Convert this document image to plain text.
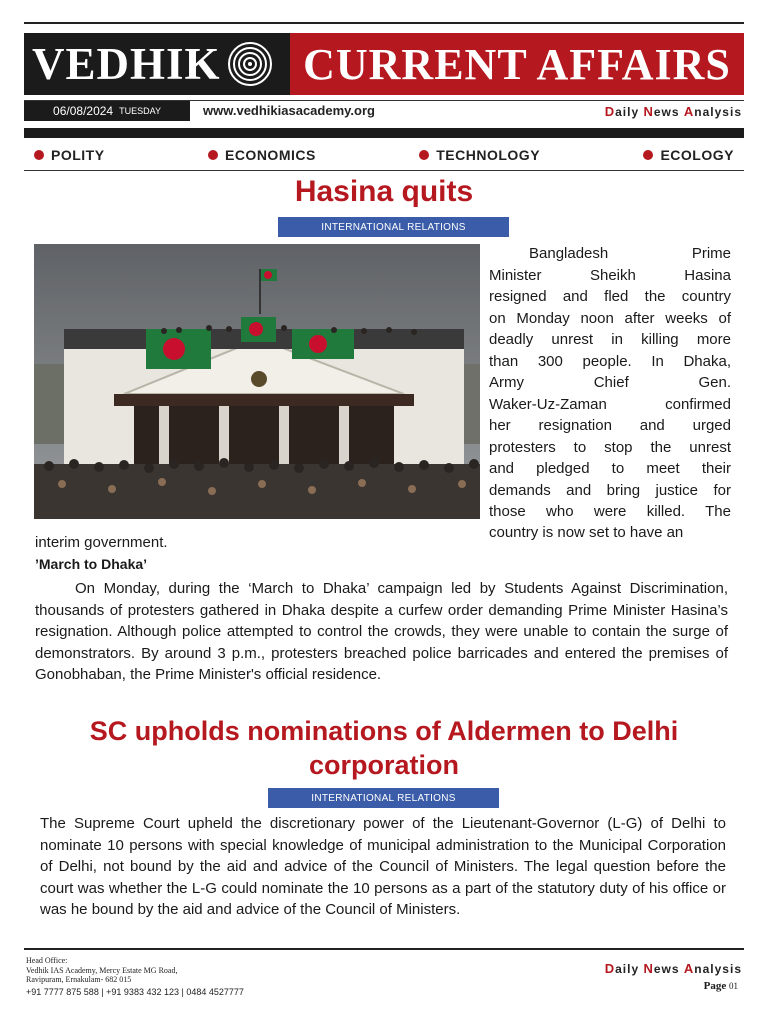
VEDHIK CURRENT AFFAIRS
06/08/2024 TUESDAY	www.vedhikiasacademy.org	Daily News Analysis
POLITY	ECONOMICS	TECHNOLOGY	ECOLOGY
Hasina quits
INTERNATIONAL RELATIONS
Bangladesh Prime
Minister Sheikh Hasina
resigned and fled the country
on Monday noon after weeks of
deadly unrest in killing more
than 300 people. In Dhaka,
Army Chief Gen.
Waker-Uz-Zaman confirmed
her resignation and urged
protesters to stop the unrest
and pledged to meet their
demands and bring justice for
those who were killed. The
country is now set to have an
interim government.
’March to Dhaka’
On Monday, during the ‘March to Dhaka’ campaign led by Students Against Discrimination, thousands of protesters gathered in Dhaka despite a curfew order demanding Prime Minister Hasina’s resignation. Although police attempted to control the crowds, they were unable to contain the surge of demonstrators. By around 3 p.m., protesters breached police barricades and entered the premises of Gonobhaban, the Prime Minister's official residence.
SC upholds nominations of Aldermen to Delhi
corporation
INTERNATIONAL RELATIONS
The Supreme Court upheld the discretionary power of the Lieutenant-Governor (L-G) of Delhi to nominate 10 persons with special knowledge of municipal administration to the Municipal Corporation of Delhi, not bound by the aid and advice of the Council of Ministers. The legal question before the court was whether the L-G could nominate the 10 persons as a part of the statutory duty of his office or was he bound by the aid and advice of the Council of Ministers.
Head Office:
Vedhik IAS Academy, Mercy Estate MG Road,
Ravipuram, Ernakulam- 682 015
+91 7777 875 588 | +91 9383 432 123 | 0484 4527777
Daily News Analysis
Page 01
